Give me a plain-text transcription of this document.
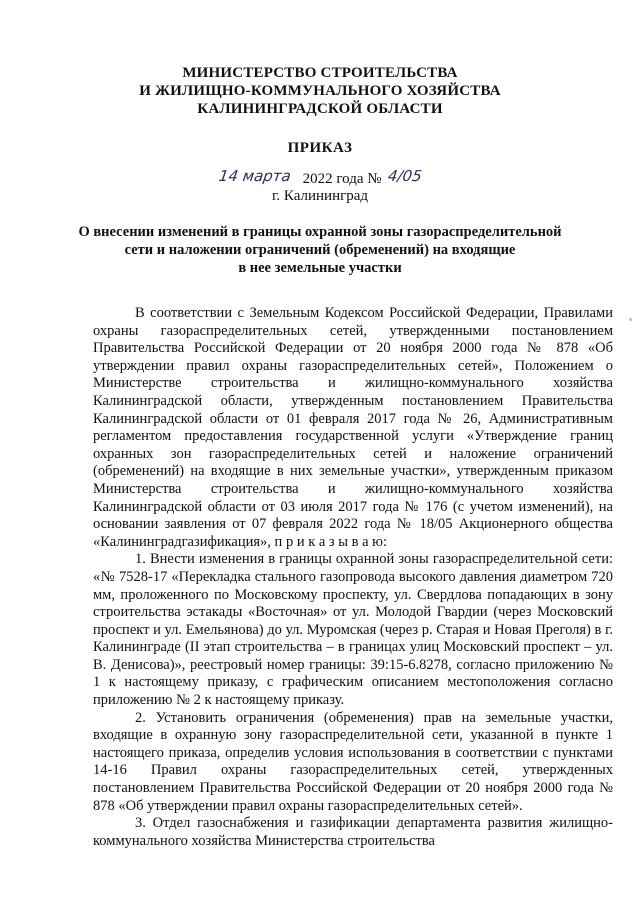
МИНИСТЕРСТВО СТРОИТЕЛЬСТВА
И ЖИЛИЩНО-КОММУНАЛЬНОГО ХОЗЯЙСТВА
КАЛИНИНГРАДСКОЙ ОБЛАСТИ
ПРИКАЗ
14 марта 2022 года № 4/05
г. Калининград
О внесении изменений в границы охранной зоны газораспределительной
сети и наложении ограничений (обременений) на входящие
в нее земельные участки

В соответствии с Земельным Кодексом Российской Федерации, Правилами охраны газораспределительных сетей, утвержденными постановлением Правительства Российской Федерации от 20 ноября 2000 года № 878 «Об утверждении правил охраны газораспределительных сетей», Положением о Министерстве строительства и жилищно-коммунального хозяйства Калининградской области, утвержденным постановлением Правительства Калининградской области от 01 февраля 2017 года № 26, Административным регламентом предоставления государственной услуги «Утверждение границ охранных зон газораспределительных сетей и наложение ограничений (обременений) на входящие в них земельные участки», утвержденным приказом Министерства строительства и жилищно-коммунального хозяйства Калининградской области от 03 июля 2017 года № 176 (с учетом изменений), на основании заявления от 07 февраля 2022 года № 18/05 Акционерного общества «Калининградгазификация», п р и к а з ы в а ю:

1. Внести изменения в границы охранной зоны газораспределительной сети: «№ 7528-17 «Перекладка стального газопровода высокого давления диаметром 720 мм, проложенного по Московскому проспекту, ул. Свердлова попадающих в зону строительства эстакады «Восточная» от ул. Молодой Гвардии (через Московский проспект и ул. Емельянова) до ул. Муромская (через р. Старая и Новая Преголя) в г. Калининграде (II этап строительства – в границах улиц Московский проспект – ул. В. Денисова)», реестровый номер границы: 39:15-6.8278, согласно приложению № 1 к настоящему приказу, с графическим описанием местоположения согласно приложению № 2 к настоящему приказу.

2. Установить ограничения (обременения) прав на земельные участки, входящие в охранную зону газораспределительной сети, указанной в пункте 1 настоящего приказа, определив условия использования в соответствии с пунктами 14-16 Правил охраны газораспределительных сетей, утвержденных постановлением Правительства Российской Федерации от 20 ноября 2000 года № 878 «Об утверждении правил охраны газораспределительных сетей».

3. Отдел газоснабжения и газификации департамента развития жилищно-коммунального хозяйства Министерства строительства
